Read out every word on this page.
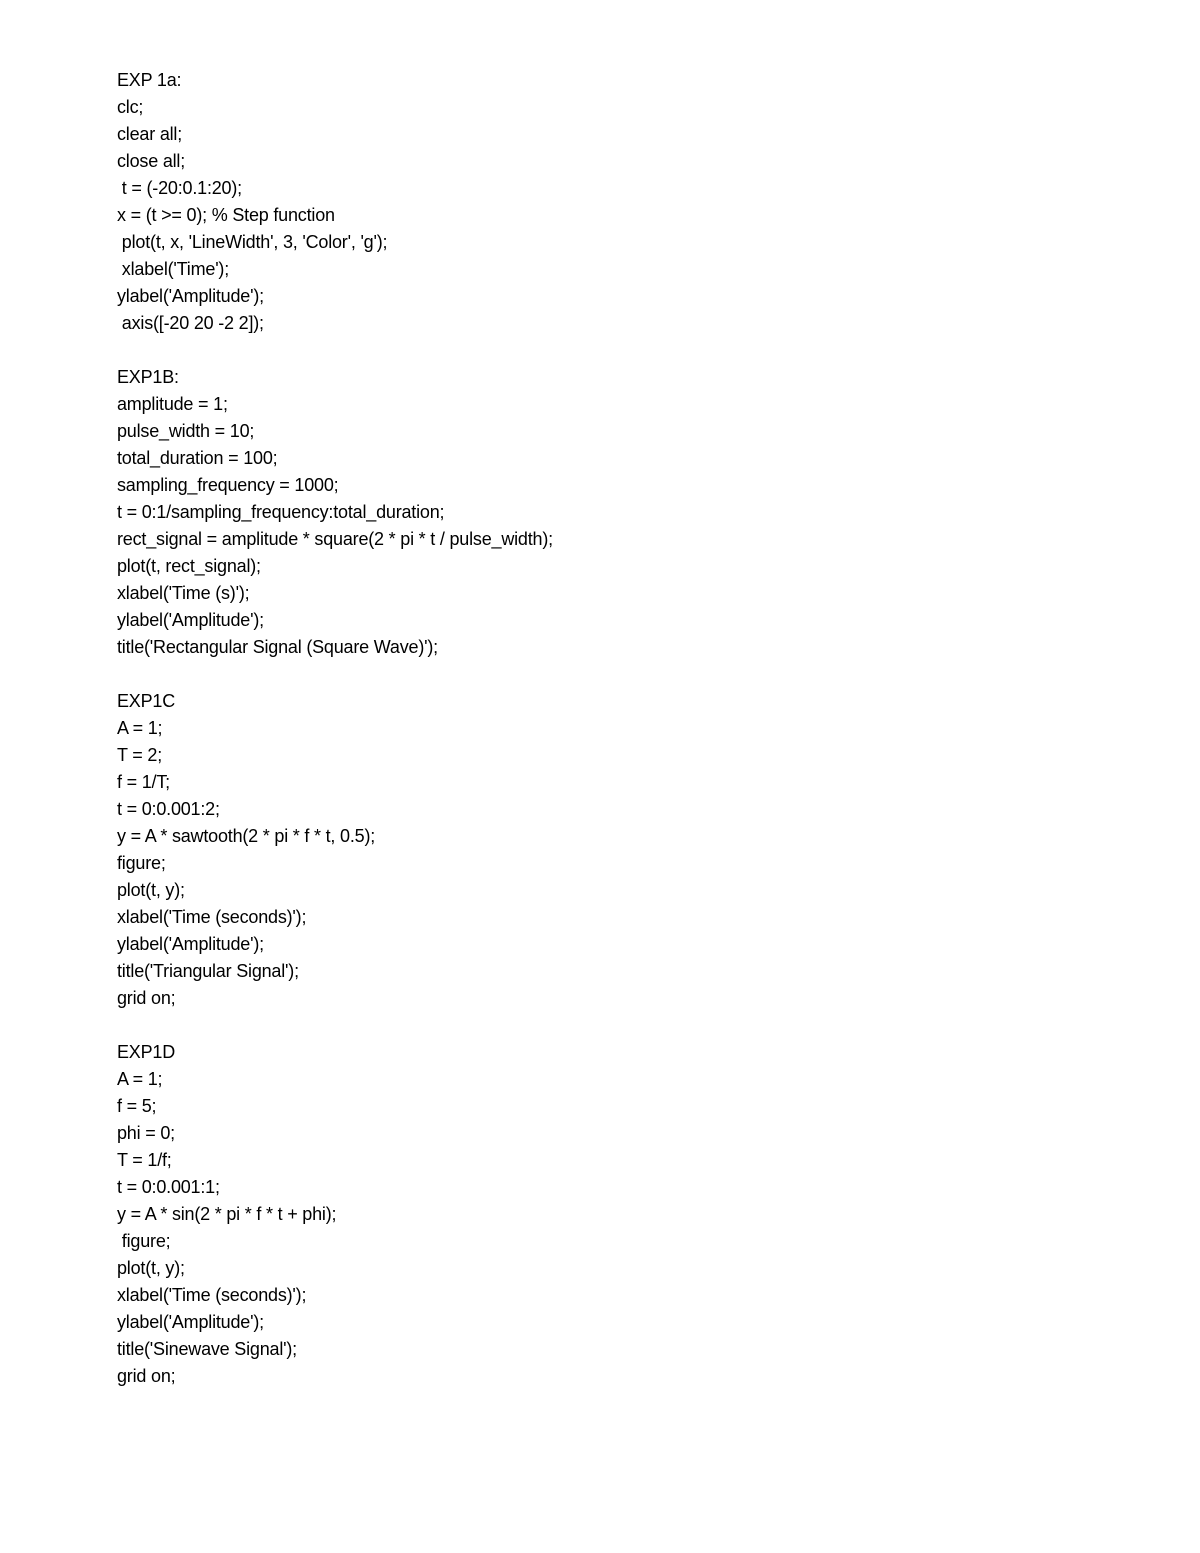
EXP 1a:
clc;
clear all;
close all;
t = (-20:0.1:20);
x = (t >= 0); % Step function
plot(t, x, 'LineWidth', 3, 'Color', 'g');
xlabel('Time');
ylabel('Amplitude');
axis([-20 20 -2 2]);
EXP1B:
amplitude = 1;
pulse_width = 10;
total_duration = 100;
sampling_frequency = 1000;
t = 0:1/sampling_frequency:total_duration;
rect_signal = amplitude * square(2 * pi * t / pulse_width);
plot(t, rect_signal);
xlabel('Time (s)');
ylabel('Amplitude');
title('Rectangular Signal (Square Wave)');
EXP1C
A = 1;
T = 2;
f = 1/T;
t = 0:0.001:2;
y = A * sawtooth(2 * pi * f * t, 0.5);
figure;
plot(t, y);
xlabel('Time (seconds)');
ylabel('Amplitude');
title('Triangular Signal');
grid on;
EXP1D
A = 1;
f = 5;
phi = 0;
T = 1/f;
t = 0:0.001:1;
y = A * sin(2 * pi * f * t + phi);
figure;
plot(t, y);
xlabel('Time (seconds)');
ylabel('Amplitude');
title('Sinewave Signal');
grid on;
